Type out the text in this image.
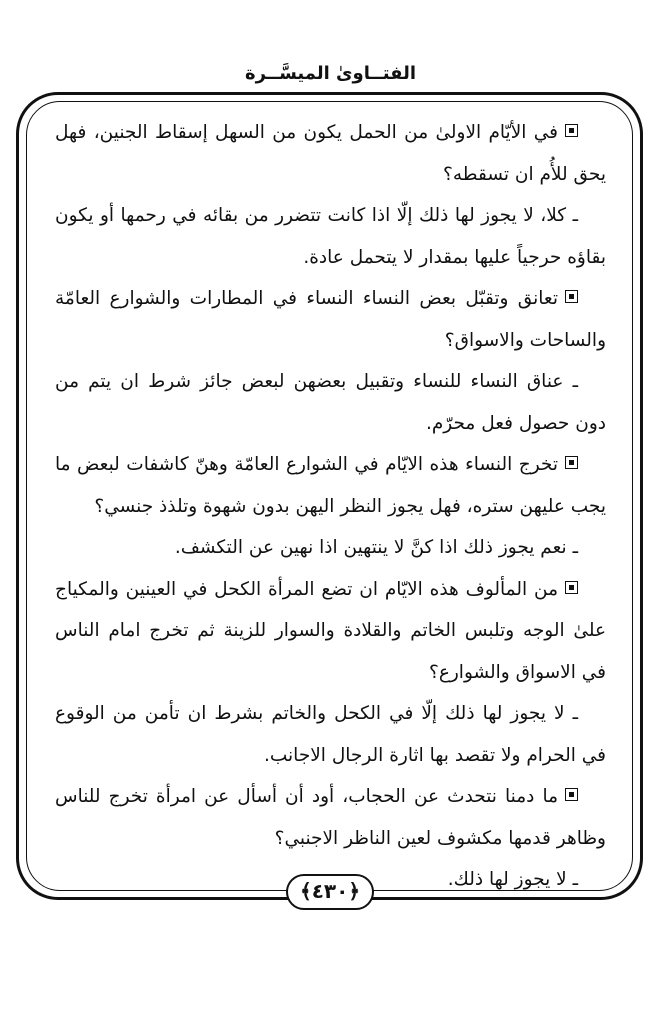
الفتــاوىٰ الميسَّــرة

في الأيّام الاولىٰ من الحمل يكون من السهل إسقاط الجنين، فهل يحق للأُم ان تسقطه؟

ـ كلا، لا يجوز لها ذلك إلّا اذا كانت تتضرر من بقائه في رحمها أو يكون بقاؤه حرجياً عليها بمقدار لا يتحمل عادة.

تعانق وتقبّل بعض النساء النساء في المطارات والشوارع العامّة والساحات والاسواق؟

ـ عناق النساء للنساء وتقبيل بعضهن لبعض جائز شرط ان يتم من دون حصول فعل محرّم.

تخرج النساء هذه الايّام في الشوارع العامّة وهنّ كاشفات لبعض ما يجب عليهن ستره، فهل يجوز النظر اليهن بدون شهوة وتلذذ جنسي؟

ـ نعم يجوز ذلك اذا كنَّ لا ينتهين اذا نهين عن التكشف.

من المألوف هذه الايّام ان تضع المرأة الكحل في العينين والمكياج علىٰ الوجه وتلبس الخاتم والقلادة والسوار للزينة ثم تخرج امام الناس في الاسواق والشوارع؟

ـ لا يجوز لها ذلك إلّا في الكحل والخاتم بشرط ان تأمن من الوقوع في الحرام ولا تقصد بها اثارة الرجال الاجانب.

ما دمنا نتحدث عن الحجاب، أود أن أسأل عن امرأة تخرج للناس وظاهر قدمها مكشوف لعين الناظر الاجنبي؟

ـ لا يجوز لها ذلك.

﴿٤٣٠﴾
